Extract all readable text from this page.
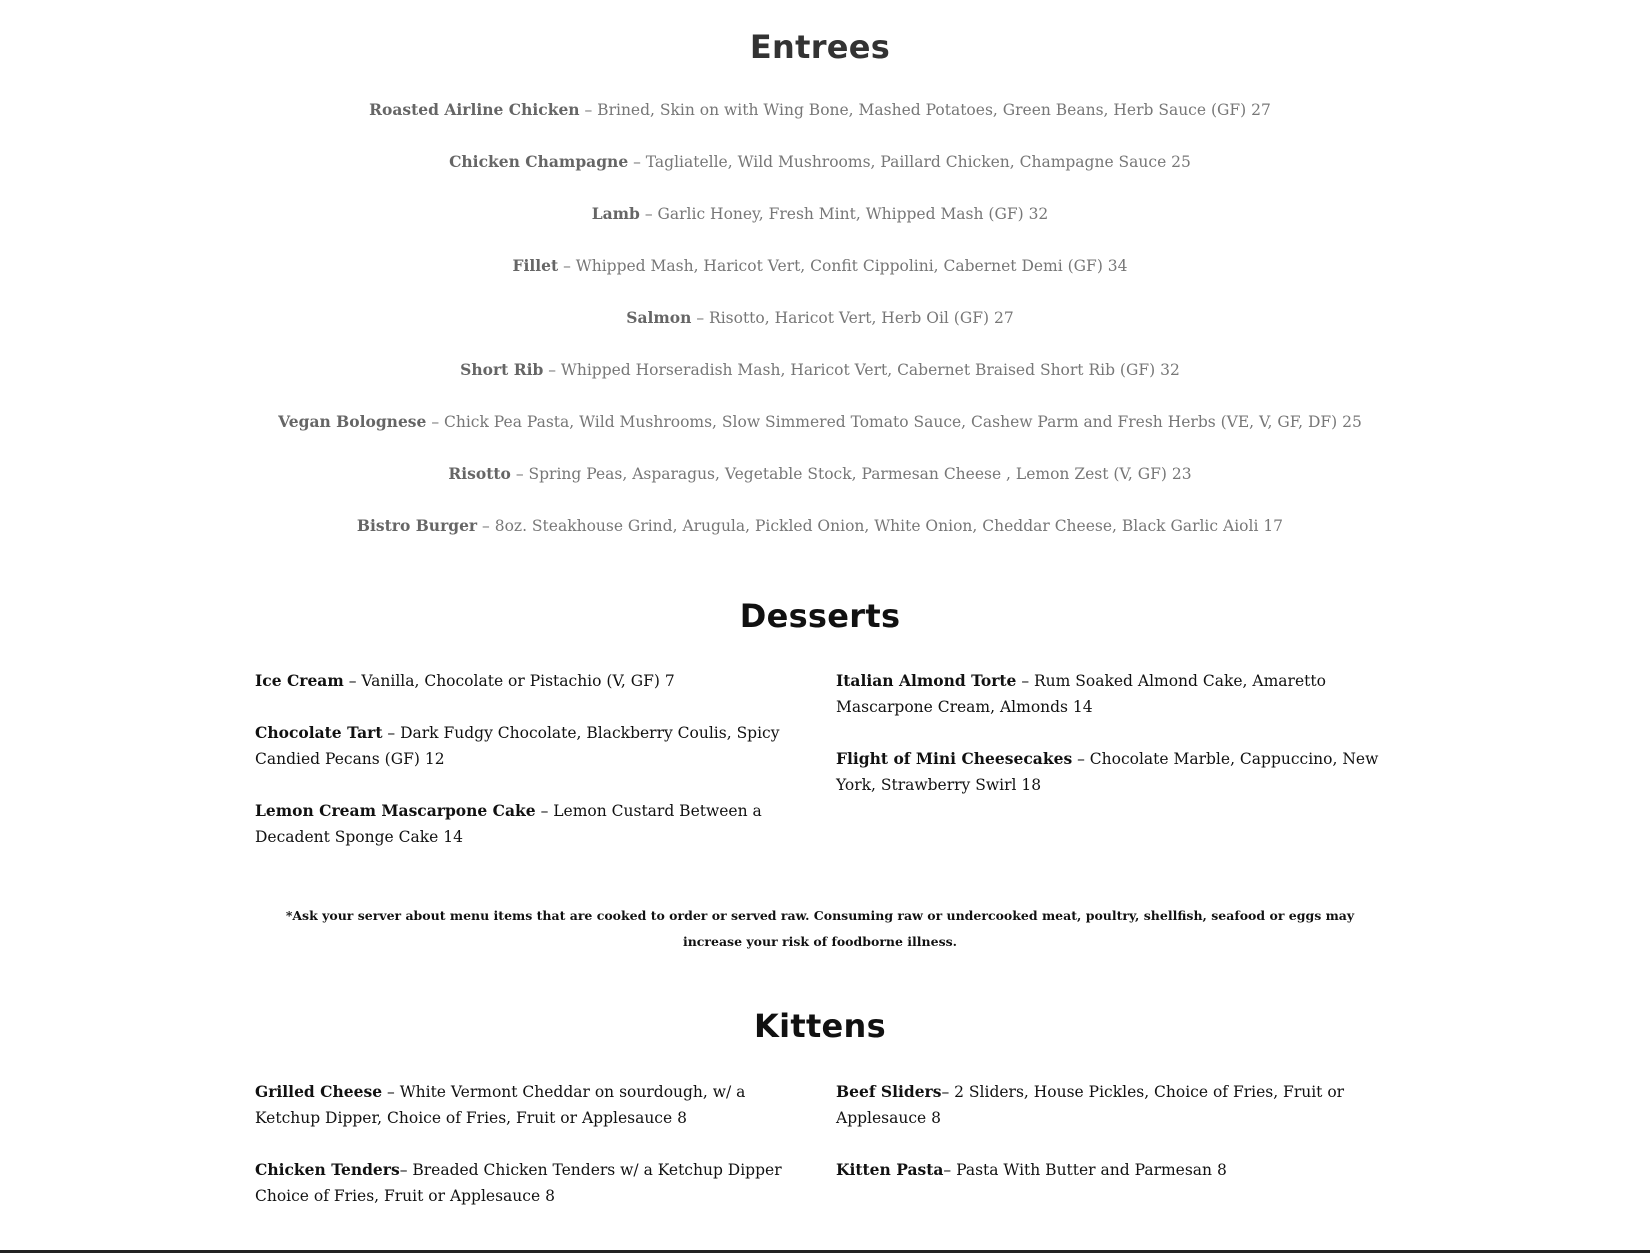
Entrees
Roasted Airline Chicken – Brined, Skin on with Wing Bone, Mashed Potatoes, Green Beans, Herb Sauce (GF) 27
Chicken Champagne – Tagliatelle, Wild Mushrooms, Paillard Chicken, Champagne Sauce 25
Lamb – Garlic Honey, Fresh Mint, Whipped Mash (GF) 32
Fillet – Whipped Mash, Haricot Vert, Confit Cippolini, Cabernet Demi (GF) 34
Salmon – Risotto, Haricot Vert, Herb Oil (GF) 27
Short Rib – Whipped Horseradish Mash, Haricot Vert, Cabernet Braised Short Rib (GF) 32
Vegan Bolognese – Chick Pea Pasta, Wild Mushrooms, Slow Simmered Tomato Sauce, Cashew Parm and Fresh Herbs (VE, V, GF, DF) 25
Risotto – Spring Peas, Asparagus, Vegetable Stock, Parmesan Cheese , Lemon Zest (V, GF) 23
Bistro Burger – 8oz. Steakhouse Grind, Arugula, Pickled Onion, White Onion, Cheddar Cheese, Black Garlic Aioli 17
Desserts
Ice Cream – Vanilla, Chocolate or Pistachio (V, GF) 7
Chocolate Tart – Dark Fudgy Chocolate, Blackberry Coulis, Spicy Candied Pecans (GF) 12
Lemon Cream Mascarpone Cake – Lemon Custard Between a Decadent Sponge Cake 14
Italian Almond Torte – Rum Soaked Almond Cake, Amaretto Mascarpone Cream, Almonds 14
Flight of Mini Cheesecakes – Chocolate Marble, Cappuccino, New York, Strawberry Swirl 18
*Ask your server about menu items that are cooked to order or served raw. Consuming raw or undercooked meat, poultry, shellfish, seafood or eggs may increase your risk of foodborne illness.
Kittens
Grilled Cheese – White Vermont Cheddar on sourdough, w/ a Ketchup Dipper, Choice of Fries, Fruit or Applesauce 8
Chicken Tenders– Breaded Chicken Tenders w/ a Ketchup Dipper Choice of Fries, Fruit or Applesauce 8
Beef Sliders– 2 Sliders, House Pickles, Choice of Fries, Fruit or Applesauce 8
Kitten Pasta– Pasta With Butter and Parmesan 8
